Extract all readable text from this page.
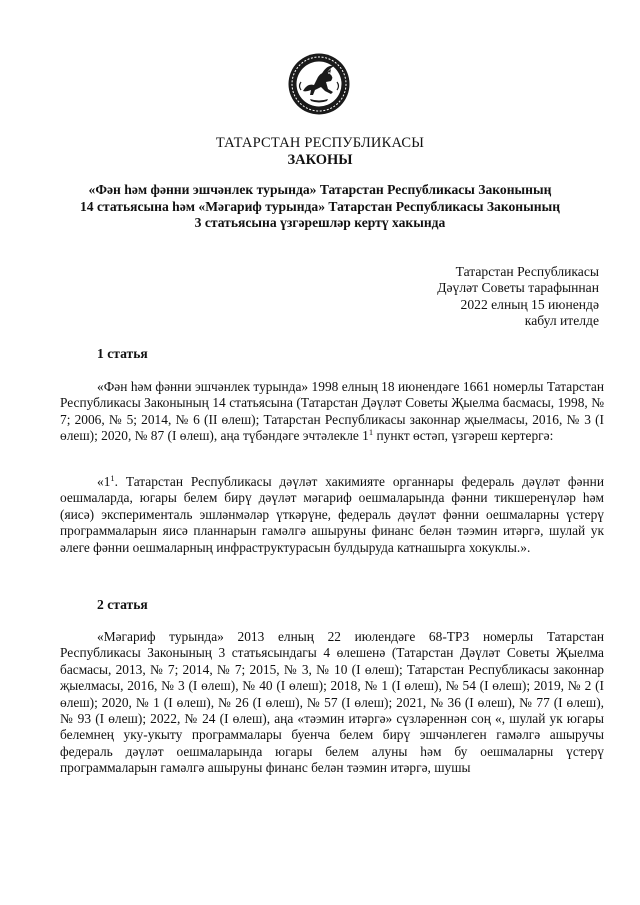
ТАТАРСТАН РЕСПУБЛИКАСЫ
ЗАКОНЫ
«Фән һәм фәнни эшчәнлек турында» Татарстан Республикасы Законының
14 статьясына һәм «Мәгариф турында» Татарстан Республикасы Законының
3 статьясына үзгәрешләр кертү хакында
Татарстан Республикасы
Дәүләт Советы тарафыннан
2022 елның 15 июнендә
кабул ителде
1 статья
«Фән һәм фәнни эшчәнлек турында» 1998 елның 18 июнендәге 1661 номерлы Татарстан Республикасы Законының 14 статьясына (Татарстан Дәүләт Советы Җыелма басмасы, 1998, № 7; 2006, № 5; 2014, № 6 (II өлеш); Татарстан Республикасы законнар җыелмасы, 2016, № 3 (I өлеш); 2020, № 87 (I өлеш), аңа түбәндәге эчтәлекле $1^1$ пункт өстәп, үзгәреш кертергә:
«$1^1$. Татарстан Республикасы дәүләт хакимияте органнары федераль дәүләт фәнни оешмаларда, югары белем бирү дәүләт мәгариф оешмаларында фәнни тикшеренүләр һәм (яисә) эксперименталь эшләнмәләр үткәрүне, федераль дәүләт фәнни оешмаларны үстерү программаларын яисә планнарын гамәлгә ашыруны финанс белән тәэмин итәргә, шулай ук әлеге фәнни оешмаларның инфраструктурасын булдыруда катнашырга хокуклы.».
2 статья
«Мәгариф турында» 2013 елның 22 июлендәге 68-ТРЗ номерлы Татарстан Республикасы Законының 3 статьясындагы 4 өлешенә (Татарстан Дәүләт Советы Җыелма басмасы, 2013, № 7; 2014, № 7; 2015, № 3, № 10 (I өлеш); Татарстан Республикасы законнар җыелмасы, 2016, № 3 (I өлеш), № 40 (I өлеш); 2018, № 1 (I өлеш), № 54 (I өлеш); 2019, № 2 (I өлеш); 2020, № 1 (I өлеш), № 26 (I өлеш), № 57 (I өлеш); 2021, № 36 (I өлеш), № 77 (I өлеш), № 93 (I өлеш); 2022, № 24 (I өлеш), аңа «тәэмин итәргә» сүзләреннән соң «, шулай ук югары белемнең уку-укыту программалары буенча белем бирү эшчәнлеген гамәлгә ашыручы федераль дәүләт оешмаларында югары белем алуны һәм бу оешмаларны үстерү программаларын гамәлгә ашыруны финанс белән тәэмин итәргә, шушы
